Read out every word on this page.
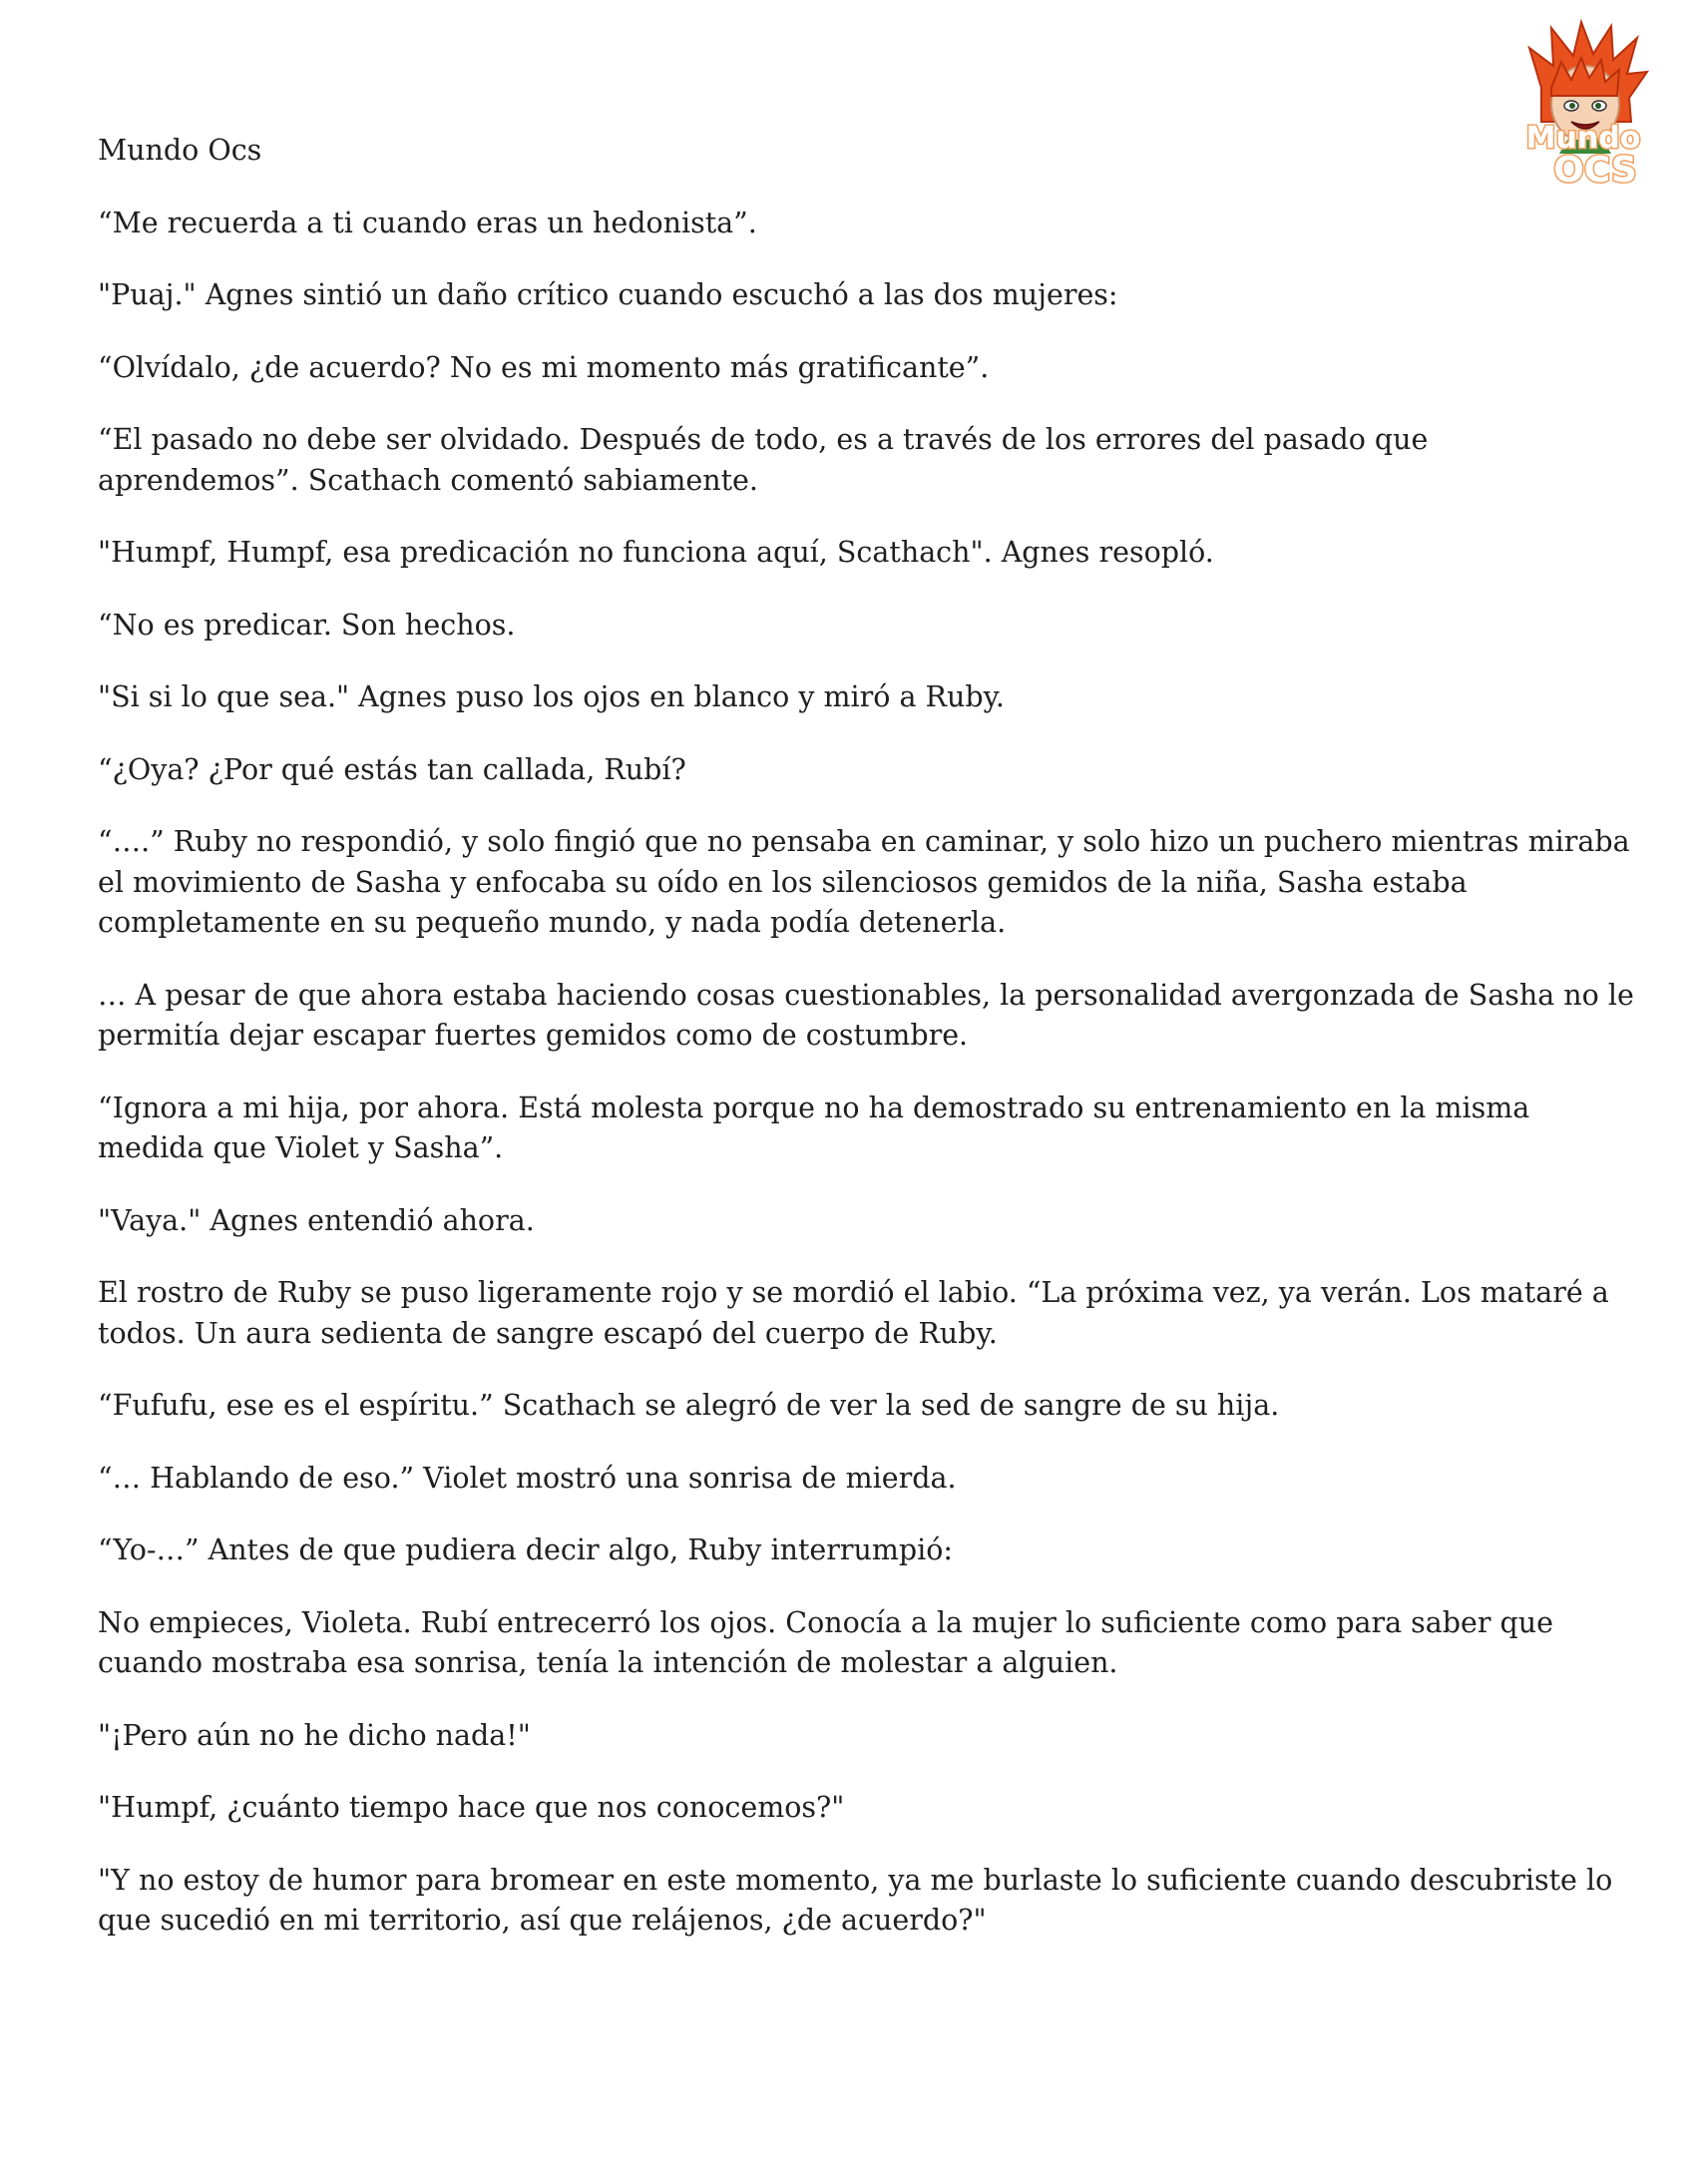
Mundo
OCS

Mundo Ocs

“Me recuerda a ti cuando eras un hedonista”.

"Puaj." Agnes sintió un daño crítico cuando escuchó a las dos mujeres:

“Olvídalo, ¿de acuerdo? No es mi momento más gratificante”.

“El pasado no debe ser olvidado. Después de todo, es a través de los errores del pasado que aprendemos”. Scathach comentó sabiamente.

"Humpf, Humpf, esa predicación no funciona aquí, Scathach". Agnes resopló.

“No es predicar. Son hechos.

"Si si lo que sea." Agnes puso los ojos en blanco y miró a Ruby.

“¿Oya? ¿Por qué estás tan callada, Rubí?

“….” Ruby no respondió, y solo fingió que no pensaba en caminar, y solo hizo un puchero mientras miraba el movimiento de Sasha y enfocaba su oído en los silenciosos gemidos de la niña, Sasha estaba completamente en su pequeño mundo, y nada podía detenerla.

… A pesar de que ahora estaba haciendo cosas cuestionables, la personalidad avergonzada de Sasha no le permitía dejar escapar fuertes gemidos como de costumbre.

“Ignora a mi hija, por ahora. Está molesta porque no ha demostrado su entrenamiento en la misma medida que Violet y Sasha”.

"Vaya." Agnes entendió ahora.

El rostro de Ruby se puso ligeramente rojo y se mordió el labio. “La próxima vez, ya verán. Los mataré a todos. Un aura sedienta de sangre escapó del cuerpo de Ruby.

“Fufufu, ese es el espíritu.” Scathach se alegró de ver la sed de sangre de su hija.

“… Hablando de eso.” Violet mostró una sonrisa de mierda.

“Yo-…” Antes de que pudiera decir algo, Ruby interrumpió:

No empieces, Violeta. Rubí entrecerró los ojos. Conocía a la mujer lo suficiente como para saber que cuando mostraba esa sonrisa, tenía la intención de molestar a alguien.

"¡Pero aún no he dicho nada!"

"Humpf, ¿cuánto tiempo hace que nos conocemos?"

"Y no estoy de humor para bromear en este momento, ya me burlaste lo suficiente cuando descubriste lo que sucedió en mi territorio, así que relájenos, ¿de acuerdo?"
